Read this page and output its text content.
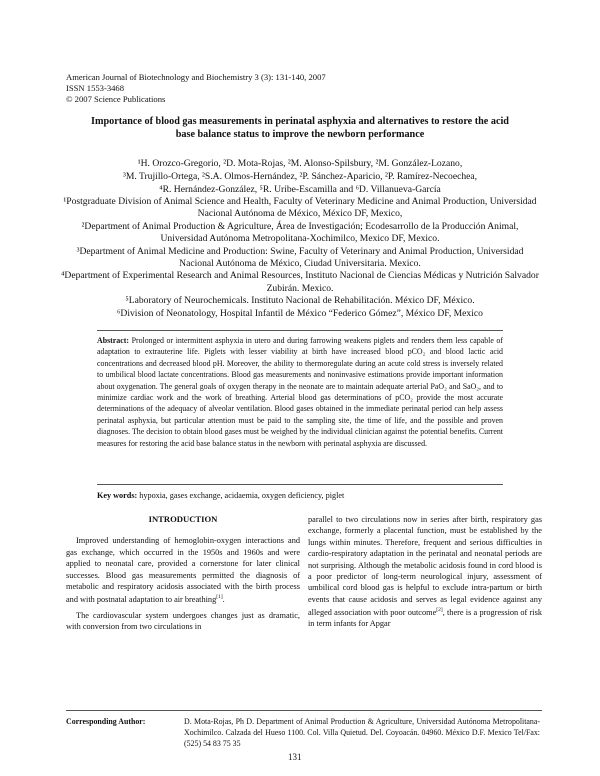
American Journal of Biotechnology and Biochemistry 3 (3): 131-140, 2007
ISSN 1553-3468
© 2007 Science Publications
Importance of blood gas measurements in perinatal asphyxia and alternatives to restore the acid base balance status to improve the newborn performance
¹H. Orozco-Gregorio, ²D. Mota-Rojas, ²M. Alonso-Spilsbury, ²M. González-Lozano,
³M. Trujillo-Ortega, ²S.A. Olmos-Hernández, ²P. Sánchez-Aparicio, ²P. Ramírez-Necoechea,
⁴R. Hernández-González, ⁵R. Uribe-Escamilla and ⁶D. Villanueva-García
¹Postgraduate Division of Animal Science and Health, Faculty of Veterinary Medicine and Animal Production, Universidad Nacional Autónoma de México, México DF, Mexico,
²Department of Animal Production & Agriculture, Área de Investigación; Ecodesarrollo de la Producción Animal, Universidad Autónoma Metropolitana-Xochimilco, Mexico DF, Mexico.
³Department of Animal Medicine and Production: Swine, Faculty of Veterinary and Animal Production, Universidad Nacional Autónoma de México, Ciudad Universitaria. Mexico.
⁴Department of Experimental Research and Animal Resources, Instituto Nacional de Ciencias Médicas y Nutrición Salvador Zubirán. Mexico.
⁵Laboratory of Neurochemicals. Instituto Nacional de Rehabilitación. México DF, México.
⁶Division of Neonatology, Hospital Infantil de México “Federico Gómez”, México DF, Mexico
Abstract: Prolonged or intermittent asphyxia in utero and during farrowing weakens piglets and renders them less capable of adaptation to extrauterine life. Piglets with lesser viability at birth have increased blood pCO₂ and blood lactic acid concentrations and decreased blood pH. Moreover, the ability to thermoregulate during an acute cold stress is inversely related to umbilical blood lactate concentrations. Blood gas measurements and noninvasive estimations provide important information about oxygenation. The general goals of oxygen therapy in the neonate are to maintain adequate arterial PaO₂ and SaO₂, and to minimize cardiac work and the work of breathing. Arterial blood gas determinations of pCO₂ provide the most accurate determinations of the adequacy of alveolar ventilation. Blood gases obtained in the immediate perinatal period can help assess perinatal asphyxia, but particular attention must be paid to the sampling site, the time of life, and the possible and proven diagnoses. The decision to obtain blood gases must be weighed by the individual clinician against the potential benefits. Current measures for restoring the acid base balance status in the newborn with perinatal asphyxia are discussed.
Key words: hypoxia, gases exchange, acidaemia, oxygen deficiency, piglet
INTRODUCTION

Improved understanding of hemoglobin-oxygen interactions and gas exchange, which occurred in the 1950s and 1960s and were applied to neonatal care, provided a cornerstone for later clinical successes. Blood gas measurements permitted the diagnosis of metabolic and respiratory acidosis associated with the birth process and with postnatal adaptation to air breathing[1].

The cardiovascular system undergoes changes just as dramatic, with conversion from two circulations in

parallel to two circulations now in series after birth, respiratory gas exchange, formerly a placental function, must be established by the lungs within minutes. Therefore, frequent and serious difficulties in cardio-respiratory adaptation in the perinatal and neonatal periods are not surprising. Although the metabolic acidosis found in cord blood is a poor predictor of long-term neurological injury, assessment of umbilical cord blood gas is helpful to exclude intra-partum or birth events that cause acidosis and serves as legal evidence against any alleged association with poor outcome[2], there is a progression of risk in term infants for Apgar

Corresponding Author:	D. Mota-Rojas, Ph D. Department of Animal Production & Agriculture, Universidad Autónoma Metropolitana-Xochimilco. Calzada del Hueso 1100. Col. Villa Quietud. Del. Coyoacán. 04960. México D.F. Mexico Tel/Fax: (525) 54 83 75 35
131
